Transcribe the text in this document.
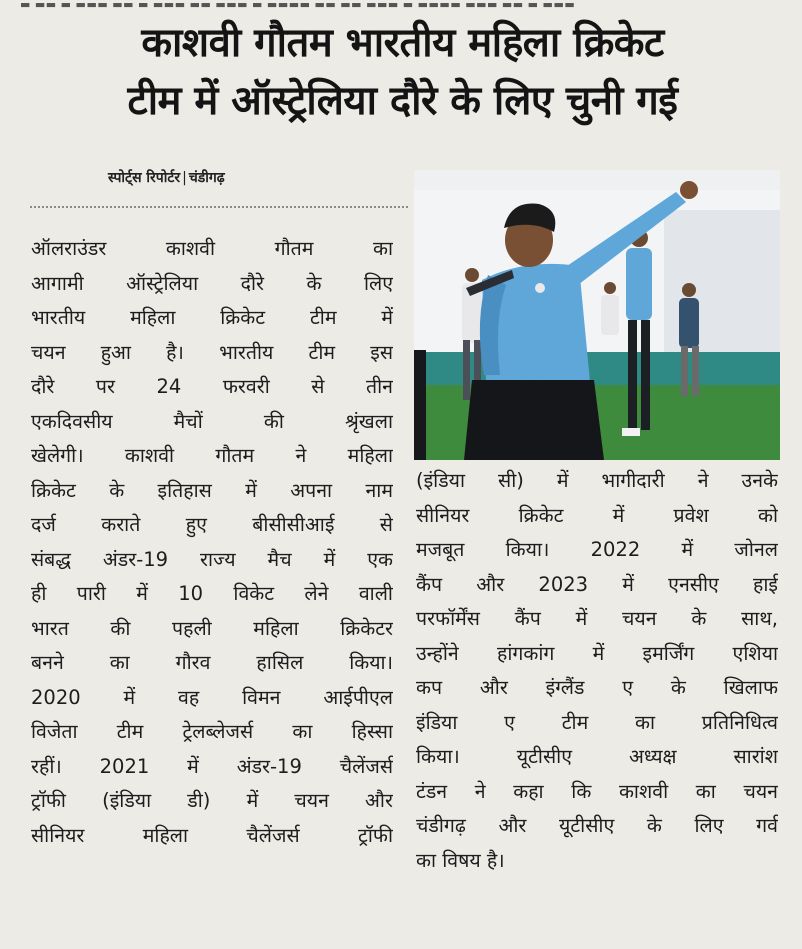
▬ ▬▬ ▬ ▬▬▬ ▬▬ ▬ ▬▬▬ ▬▬ ▬▬▬ ▬ ▬▬▬▬ ▬▬ ▬▬ ▬▬▬ ▬ ▬▬▬▬ ▬▬▬ ▬▬ ▬ ▬▬▬
काशवी गौतम भारतीय महिला क्रिकेट
टीम में ऑस्ट्रेलिया दौरे के लिए चुनी गई
स्पोर्ट्स रिपोर्टर | चंडीगढ़
ऑलराउंडर काशवी गौतम का
आगामी ऑस्ट्रेलिया दौरे के लिए
भारतीय महिला क्रिकेट टीम में
चयन हुआ है। भारतीय टीम इस
दौरे पर 24 फरवरी से तीन
एकदिवसीय मैचों की श्रृंखला
खेलेगी। काशवी गौतम ने महिला
क्रिकेट के इतिहास में अपना नाम
दर्ज कराते हुए बीसीसीआई से
संबद्ध अंडर-19 राज्य मैच में एक
ही पारी में 10 विकेट लेने वाली
भारत की पहली महिला क्रिकेटर
बनने का गौरव हासिल किया।
2020 में वह विमन आईपीएल
विजेता टीम ट्रेलब्लेजर्स का हिस्सा
रहीं। 2021 में अंडर-19 चैलेंजर्स
ट्रॉफी (इंडिया डी) में चयन और
सीनियर महिला चैलेंजर्स ट्रॉफी
(इंडिया सी) में भागीदारी ने उनके
सीनियर क्रिकेट में प्रवेश को
मजबूत किया। 2022 में जोनल
कैंप और 2023 में एनसीए हाई
परफॉर्मेंस कैंप में चयन के साथ,
उन्होंने हांगकांग में इमर्जिंग एशिया
कप और इंग्लैंड ए के खिलाफ
इंडिया ए टीम का प्रतिनिधित्व
किया। यूटीसीए अध्यक्ष सारांश
टंडन ने कहा कि काशवी का चयन
चंडीगढ़ और यूटीसीए के लिए गर्व
का विषय है।
